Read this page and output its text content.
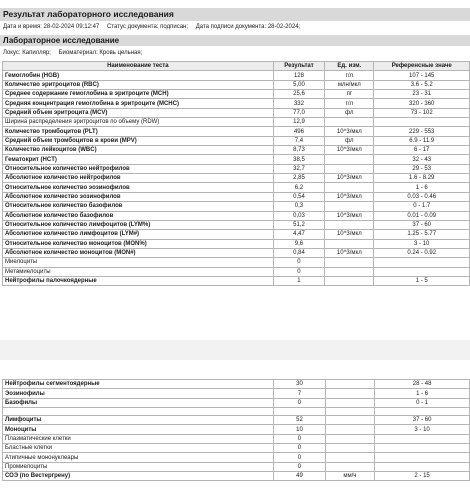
Результат лабораторного исследования
Дата и время: 28-02-2024 09:12:47 Статус документа: подписан; Дата подписи документа: 28-02-2024;
Лабораторное исследование
Локус: Капилляр; Биоматериал: Кровь цельная;
Наименование теста	Результат	Ед. изм.	Референсные значе
Гемоглобин (HGB)	128	г/л	107 - 145
Количество эритроцитов (RBC)	5,00	млн/мкл	3.6 - 5.2
Среднее содержание гемоглобина в эритроците (MCH)	25,6	пг	23 - 31
Средняя концентрация гемоглобина в эритроците (MCHC)	332	г/л	320 - 360
Средний объем эритроцита (MCV)	77,0	фл	73 - 102
Ширина распределения эритроцитов по объему (RDW)	12,9		
Количество тромбоцитов (PLT)	496	10^3/мкл	229 - 553
Средний объем тромбоцитов в крови (MPV)	7,4	фл	6.9 - 11.9
Количество лейкоцитов (WBC)	8,73	10^3/мкл	6 - 17
Гематокрит (HCT)	38,5		32 - 43
Относительное количество нейтрофилов	32,7		29 - 53
Абсолютное количество нейтрофилов	2,85	10^3/мкл	1.6 - 8.29
Относительное количество эозинофилов	6,2		1 - 6
Абсолютное количество эозинофилов	0,54	10^3/мкл	0.03 - 0.46
Относительное количество базофилов	0,3		0 - 1.7
Абсолютное количество базофилов	0,03	10^3/мкл	0.01 - 0.09
Относительное количество лимфоцитов (LYM%)	51,2		37 - 60
Абсолютное количество лимфоцитов (LYM#)	4,47	10^3/мкл	1.25 - 5.77
Относительное количество моноцитов (MON%)	9,6		3 - 10
Абсолютное количество моноцитов (MON#)	0,84	10^3/мкл	0.24 - 0.92
Миелоциты	0		
Метамиелоциты	0		
Нейтрофилы палочкоядерные	1		1 - 5
Нейтрофилы сегментоядерные	30		28 - 48
Эозинофилы	7		1 - 6
Базофилы	0		0 - 1

Лимфоциты	52		37 - 60
Моноциты	10		3 - 10
Плазматические клетки	0		
Бластные клетки	0		
Атипичные мононуклеары	0		
Промиелоциты	0		
СОЭ (по Вестергрену)	49	мм/ч	2 - 15
